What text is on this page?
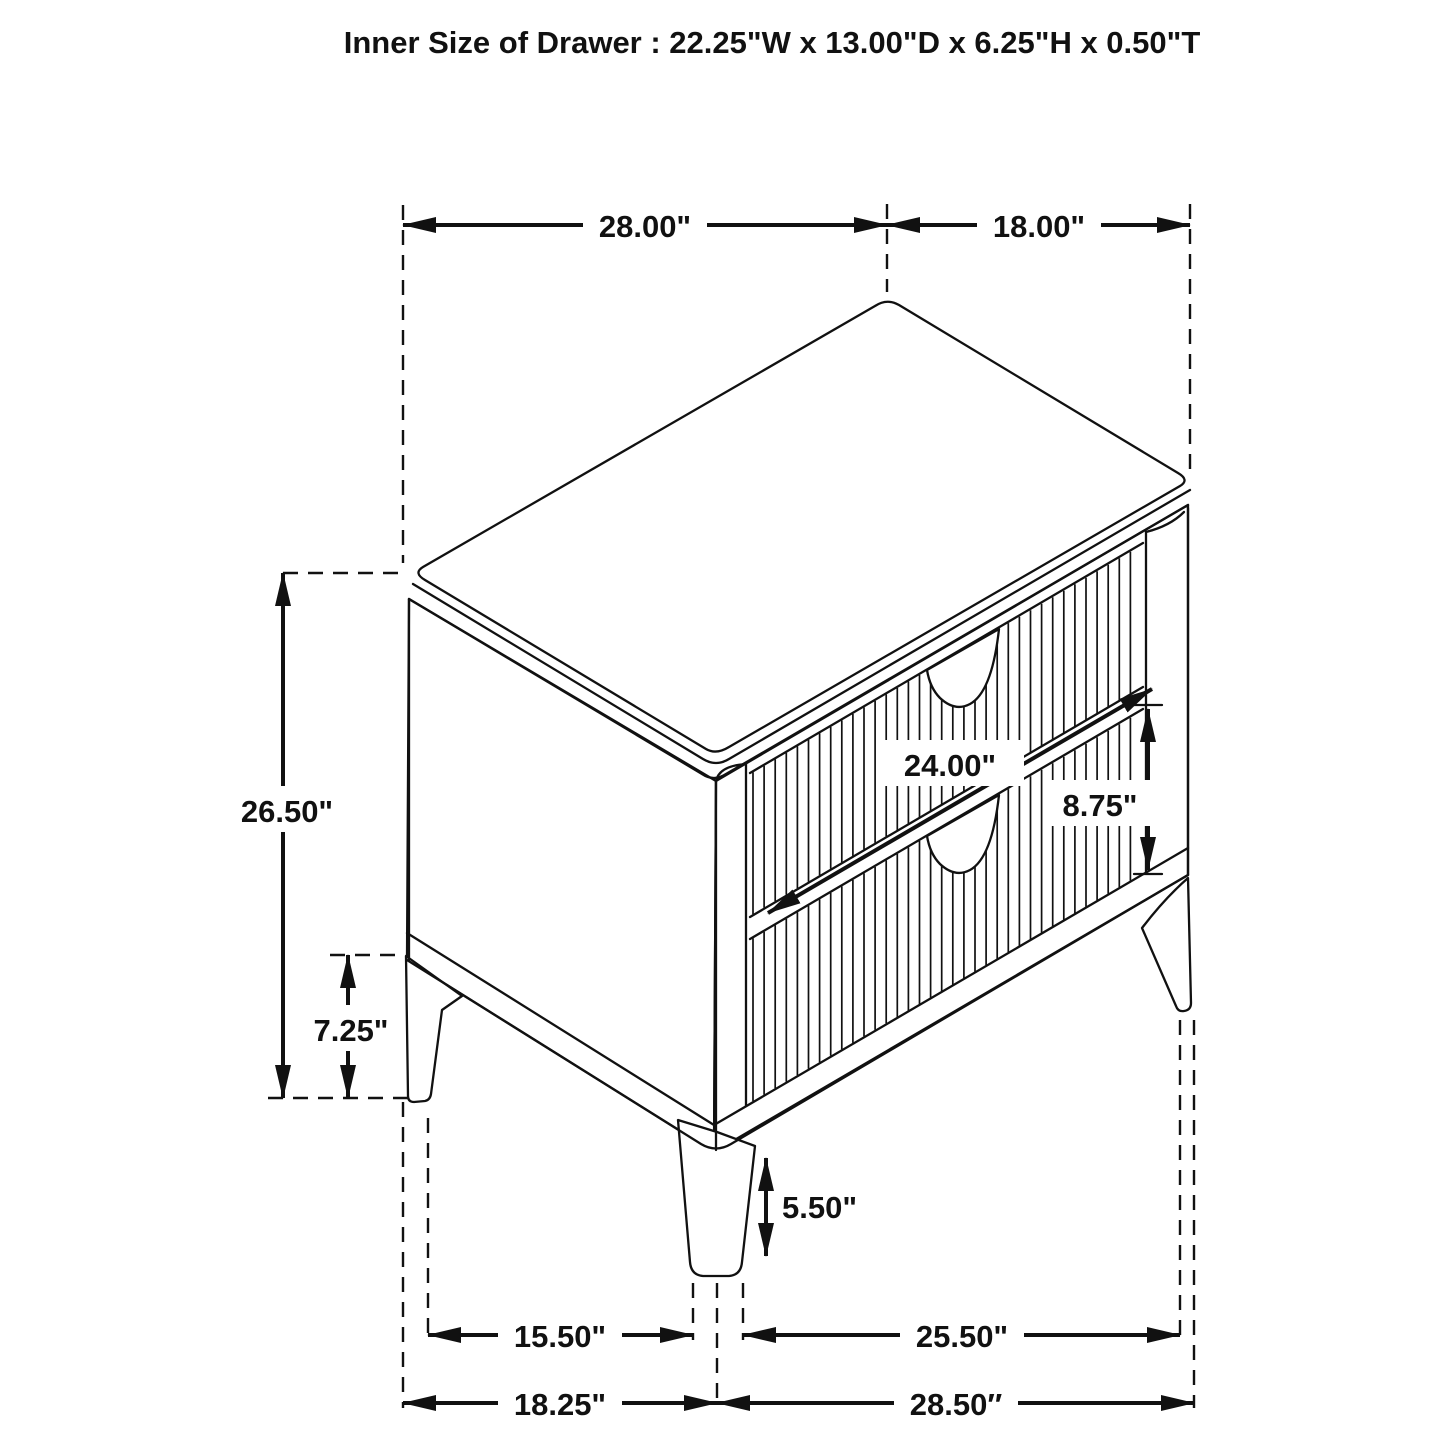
28.00"	18.00"
26.50"
7.25"
24.00"
8.75"
5.50"
15.50"	25.50"
18.25"	28.50″
Inner Size of Drawer : 22.25"W x 13.00"D x 6.25"H x 0.50"T
